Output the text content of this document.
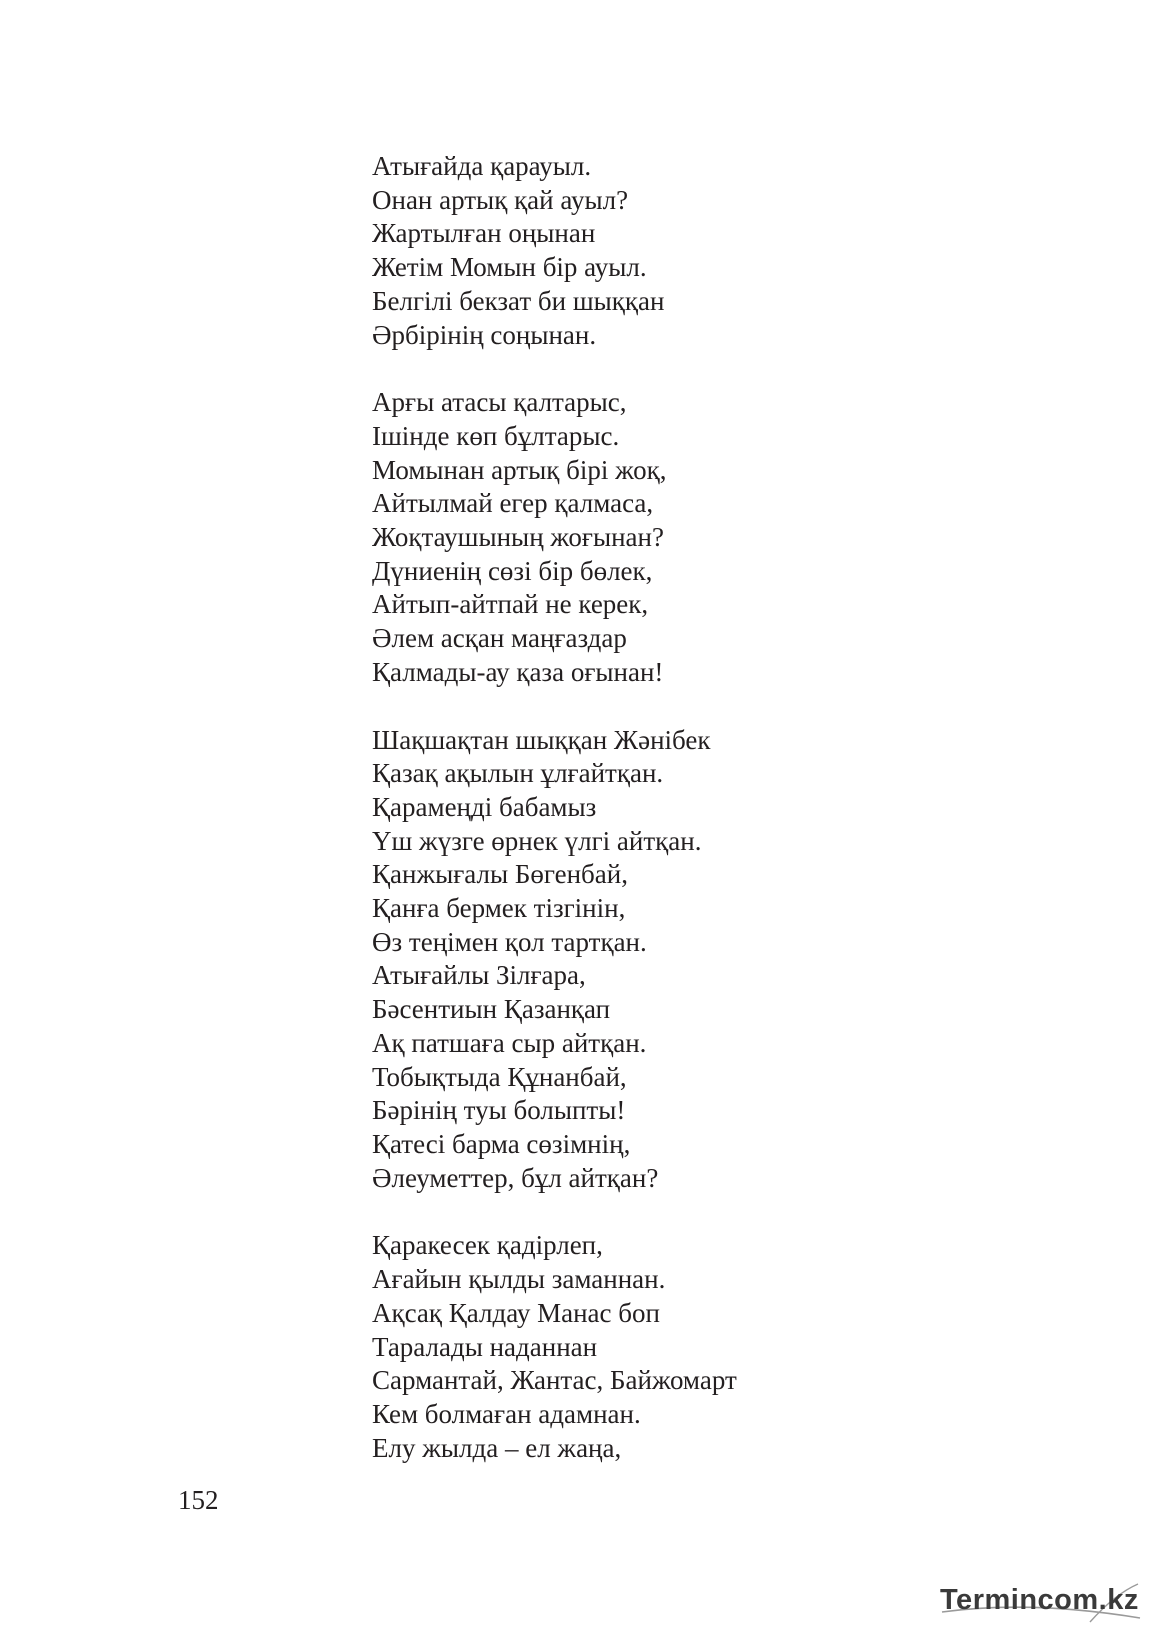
Атығайда қарауыл.
Онан артық қай ауыл?
Жартылған оңынан
Жетім Момын бір ауыл.
Белгілі бекзат би шыққан
Әрбірінің соңынан.
Арғы атасы қалтарыс,
Ішінде көп бұлтарыс.
Момынан артық бірі жоқ,
Айтылмай егер қалмаса,
Жоқтаушының жоғынан?
Дүниенің сөзі бір бөлек,
Айтып-айтпай не керек,
Әлем асқан маңғаздар
Қалмады-ау қаза оғынан!
Шақшақтан шыққан Жәнібек
Қазақ ақылын ұлғайтқан.
Қарамеңді бабамыз
Үш жүзге өрнек үлгі айтқан.
Қанжығалы Бөгенбай,
Қанға бермек тізгінін,
Өз теңімен қол тартқан.
Атығайлы Зілғара,
Бәсентиын Қазанқап
Ақ патшаға сыр айтқан.
Тобықтыда Құнанбай,
Бәрінің туы болыпты!
Қатесі барма сөзімнің,
Әлеуметтер, бұл айтқан?
Қаракесек қадірлеп,
Ағайын қылды заманнан.
Ақсақ Қалдау Манас боп
Таралады наданнан
Сармантай, Жантас, Байжомарт
Кем болмаған адамнан.
Елу жылда – ел жаңа,
152
Termincom.kz
